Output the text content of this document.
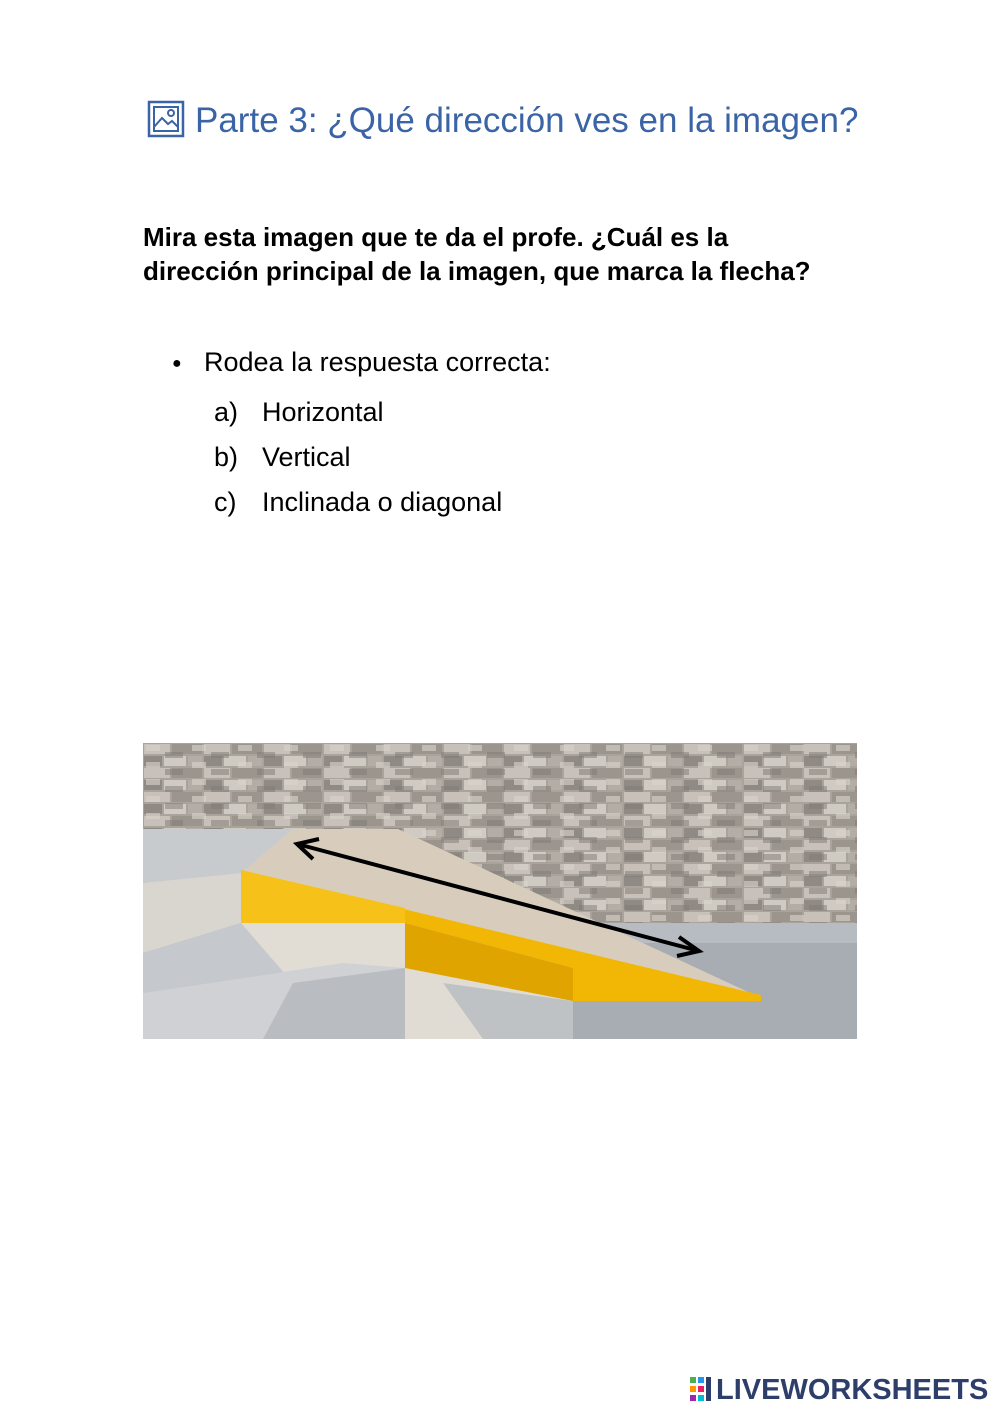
Parte 3: ¿Qué dirección ves en la imagen?
Mira esta imagen que te da el profe. ¿Cuál es la dirección principal de la imagen, que marca la flecha?
● Rodea la respuesta correcta:
a) Horizontal
b) Vertical
c) Inclinada o diagonal
LIVEWORKSHEETS
